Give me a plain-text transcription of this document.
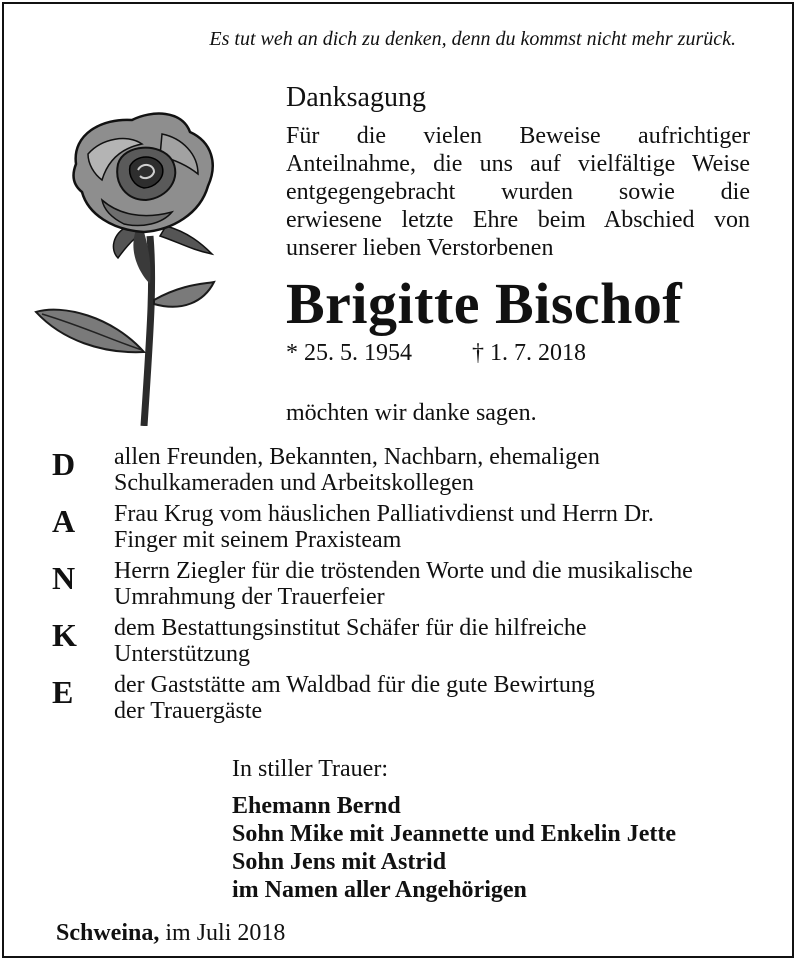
Es tut weh an dich zu denken, denn du kommst nicht mehr zurück.
Danksagung
Für die vielen Beweise aufrichtiger
Anteilnahme, die uns auf vielfältige Weise
entgegengebracht wurden sowie die
erwiesene letzte Ehre beim Abschied von
unserer lieben Verstorbenen
Brigitte Bischof
* 25. 5. 1954	† 1. 7. 2018
möchten wir danke sagen.
D
A
N
K
E
allen Freunden, Bekannten, Nachbarn, ehemaligen
Schulkameraden und Arbeitskollegen
Frau Krug vom häuslichen Palliativdienst und Herrn Dr.
Finger mit seinem Praxisteam
Herrn Ziegler für die tröstenden Worte und die musikalische
Umrahmung der Trauerfeier
dem Bestattungsinstitut Schäfer für die hilfreiche
Unterstützung
der Gaststätte am Waldbad für die gute Bewirtung
der Trauergäste
In stiller Trauer:
Ehemann Bernd
Sohn Mike mit Jeannette und Enkelin Jette
Sohn Jens mit Astrid
im Namen aller Angehörigen
Schweina, im Juli 2018
